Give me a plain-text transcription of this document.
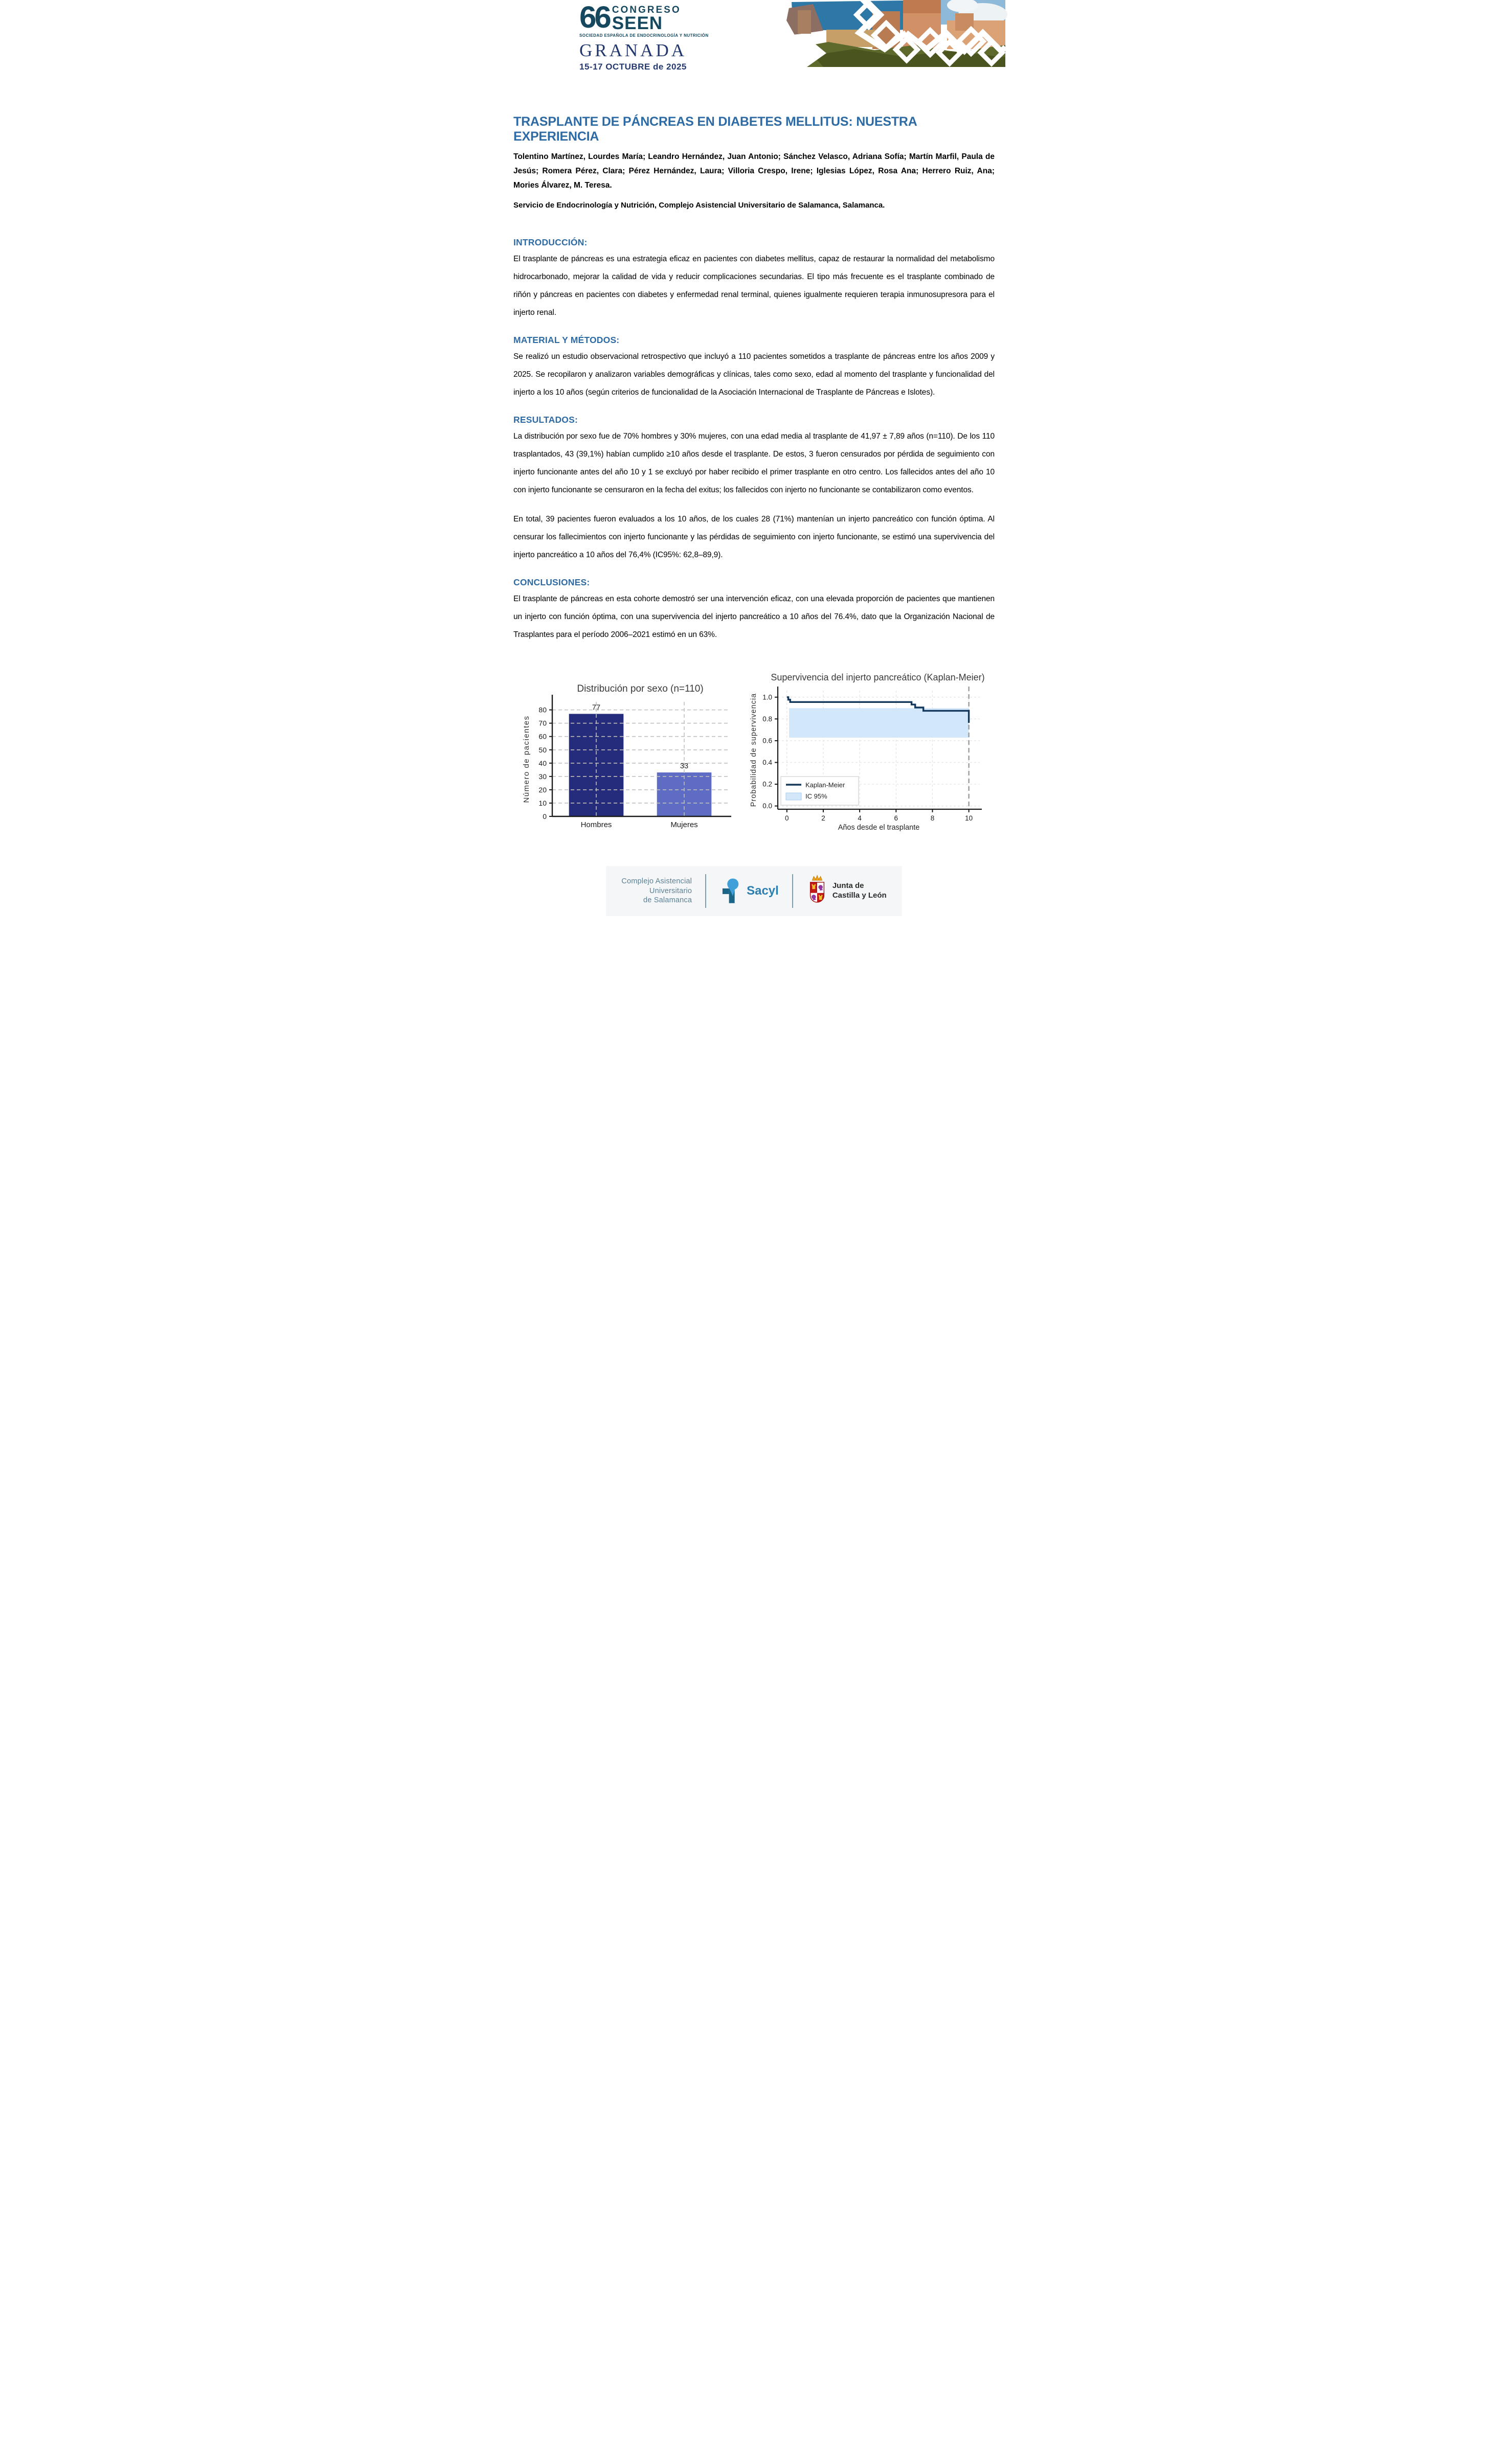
66 CONGRESO
SEEN
SOCIEDAD ESPAÑOLA DE ENDOCRINOLOGÍA Y NUTRICIÓN
GRANADA
15-17 OCTUBRE de 2025
TRASPLANTE DE PÁNCREAS EN DIABETES MELLITUS: NUESTRA EXPERIENCIA
Tolentino Martínez, Lourdes María; Leandro Hernández, Juan Antonio; Sánchez Velasco, Adriana Sofía; Martín Marfil, Paula de Jesús; Romera Pérez, Clara; Pérez Hernández, Laura; Villoria Crespo, Irene; Iglesias López, Rosa Ana; Herrero Ruiz, Ana; Mories Álvarez, M. Teresa.
Servicio de Endocrinología y Nutrición, Complejo Asistencial Universitario de Salamanca, Salamanca.
INTRODUCCIÓN:
El trasplante de páncreas es una estrategia eficaz en pacientes con diabetes mellitus, capaz de restaurar la normalidad del metabolismo hidrocarbonado, mejorar la calidad de vida y reducir complicaciones secundarias. El tipo más frecuente es el trasplante combinado de riñón y páncreas en pacientes con diabetes y enfermedad renal terminal, quienes igualmente requieren terapia inmunosupresora para el injerto renal.
MATERIAL Y MÉTODOS:
Se realizó un estudio observacional retrospectivo que incluyó a 110 pacientes sometidos a trasplante de páncreas entre los años 2009 y 2025. Se recopilaron y analizaron variables demográficas y clínicas, tales como sexo, edad al momento del trasplante y funcionalidad del injerto a los 10 años (según criterios de funcionalidad de la Asociación Internacional de Trasplante de Páncreas e Islotes).
RESULTADOS:
La distribución por sexo fue de 70% hombres y 30% mujeres, con una edad media al trasplante de 41,97 ± 7,89 años (n=110). De los 110 trasplantados, 43 (39,1%) habían cumplido ≥10 años desde el trasplante. De estos, 3 fueron censurados por pérdida de seguimiento con injerto funcionante antes del año 10 y 1 se excluyó por haber recibido el primer trasplante en otro centro. Los fallecidos antes del año 10 con injerto funcionante se censuraron en la fecha del exitus; los fallecidos con injerto no funcionante se contabilizaron como eventos.
En total, 39 pacientes fueron evaluados a los 10 años, de los cuales 28 (71%) mantenían un injerto pancreático con función óptima. Al censurar los fallecimientos con injerto funcionante y las pérdidas de seguimiento con injerto funcionante, se estimó una supervivencia del injerto pancreático a 10 años del 76,4% (IC95%: 62,8–89,9).
CONCLUSIONES:
El trasplante de páncreas en esta cohorte demostró ser una intervención eficaz, con una elevada proporción de pacientes que mantienen un injerto con función óptima, con una supervivencia del injerto pancreático a 10 años del 76.4%, dato que la Organización Nacional de Trasplantes para el período 2006–2021 estimó en un 63%.
0
10
20
30
40
50
60
70
80
Hombres	Mujeres
77
33
Número de pacientes
Distribución por sexo (n=110)
0.0
0.2
0.4
0.6
0.8
1.0
0	2	4	6	8	10
Años desde el trasplante
Probabilidad de supervivencia
Supervivencia del injerto pancreático (Kaplan-Meier)
Kaplan-Meier
IC 95%
Complejo Asistencial
Universitario
de Salamanca
Sacyl	Junta de
Castilla y León
